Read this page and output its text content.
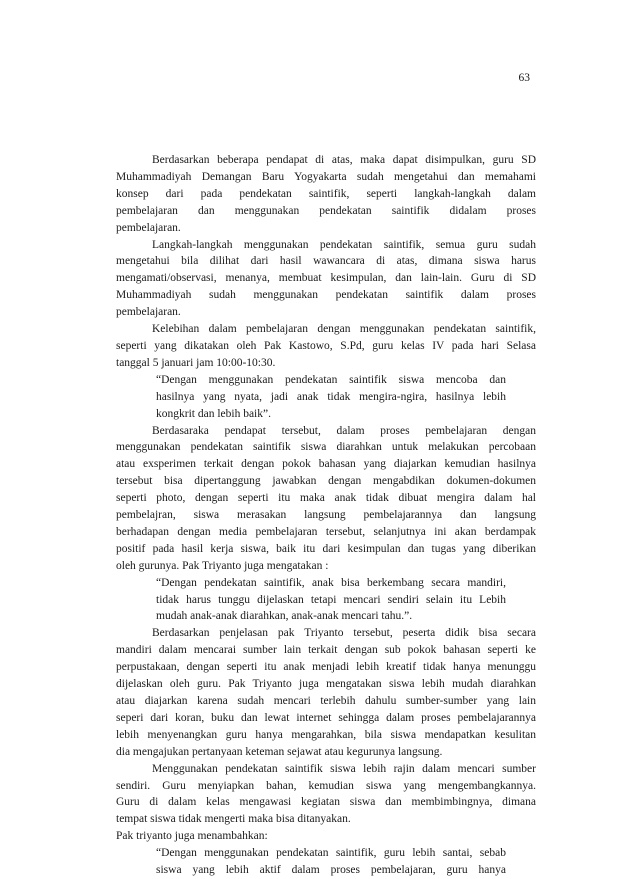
63
Berdasarkan beberapa pendapat di atas, maka dapat disimpulkan, guru SD
Muhammadiyah Demangan Baru Yogyakarta sudah mengetahui dan memahami
konsep dari pada pendekatan saintifik, seperti langkah-langkah dalam
pembelajaran dan menggunakan pendekatan saintifik didalam proses
pembelajaran.
Langkah-langkah menggunakan pendekatan saintifik, semua guru sudah
mengetahui bila dilihat dari hasil wawancara di atas, dimana siswa harus
mengamati/observasi, menanya, membuat kesimpulan, dan lain-lain. Guru di SD
Muhammadiyah sudah menggunakan pendekatan saintifik dalam proses
pembelajaran.
Kelebihan dalam pembelajaran dengan menggunakan pendekatan saintifik,
seperti yang dikatakan oleh Pak Kastowo, S.Pd, guru kelas IV pada hari Selasa
tanggal 5 januari jam 10:00-10:30.
“Dengan menggunakan pendekatan saintifik siswa mencoba dan
hasilnya yang nyata, jadi anak tidak mengira-ngira, hasilnya lebih
kongkrit dan lebih baik”.
Berdasaraka pendapat tersebut, dalam proses pembelajaran dengan
menggunakan pendekatan saintifik siswa diarahkan untuk melakukan percobaan
atau exsperimen terkait dengan pokok bahasan yang diajarkan kemudian hasilnya
tersebut bisa dipertanggung jawabkan dengan mengabdikan dokumen-dokumen
seperti photo, dengan seperti itu maka anak tidak dibuat mengira dalam hal
pembelajran, siswa merasakan langsung pembelajarannya dan langsung
berhadapan dengan media pembelajaran tersebut, selanjutnya ini akan berdampak
positif pada hasil kerja siswa, baik itu dari kesimpulan dan tugas yang diberikan
oleh gurunya. Pak Triyanto juga mengatakan :
“Dengan pendekatan saintifik, anak bisa berkembang secara mandiri,
tidak harus tunggu dijelaskan tetapi mencari sendiri selain itu Lebih
mudah anak-anak diarahkan, anak-anak mencari tahu.”.
Berdasarkan penjelasan pak Triyanto tersebut, peserta didik bisa secara
mandiri dalam mencarai sumber lain terkait dengan sub pokok bahasan seperti ke
perpustakaan, dengan seperti itu anak menjadi lebih kreatif tidak hanya menunggu
dijelaskan oleh guru. Pak Triyanto juga mengatakan siswa lebih mudah diarahkan
atau diajarkan karena sudah mencari terlebih dahulu sumber-sumber yang lain
seperi dari koran, buku dan lewat internet sehingga dalam proses pembelajarannya
lebih menyenangkan guru hanya mengarahkan, bila siswa mendapatkan kesulitan
dia mengajukan pertanyaan keteman sejawat atau kegurunya langsung.
Menggunakan pendekatan saintifik siswa lebih rajin dalam mencari sumber
sendiri. Guru menyiapkan bahan, kemudian siswa yang mengembangkannya.
Guru di dalam kelas mengawasi kegiatan siswa dan membimbingnya, dimana
tempat siswa tidak mengerti maka bisa ditanyakan.
Pak triyanto juga menambahkan:
“Dengan menggunakan pendekatan saintifik, guru lebih santai, sebab
siswa yang lebih aktif dalam proses pembelajaran, guru hanya
